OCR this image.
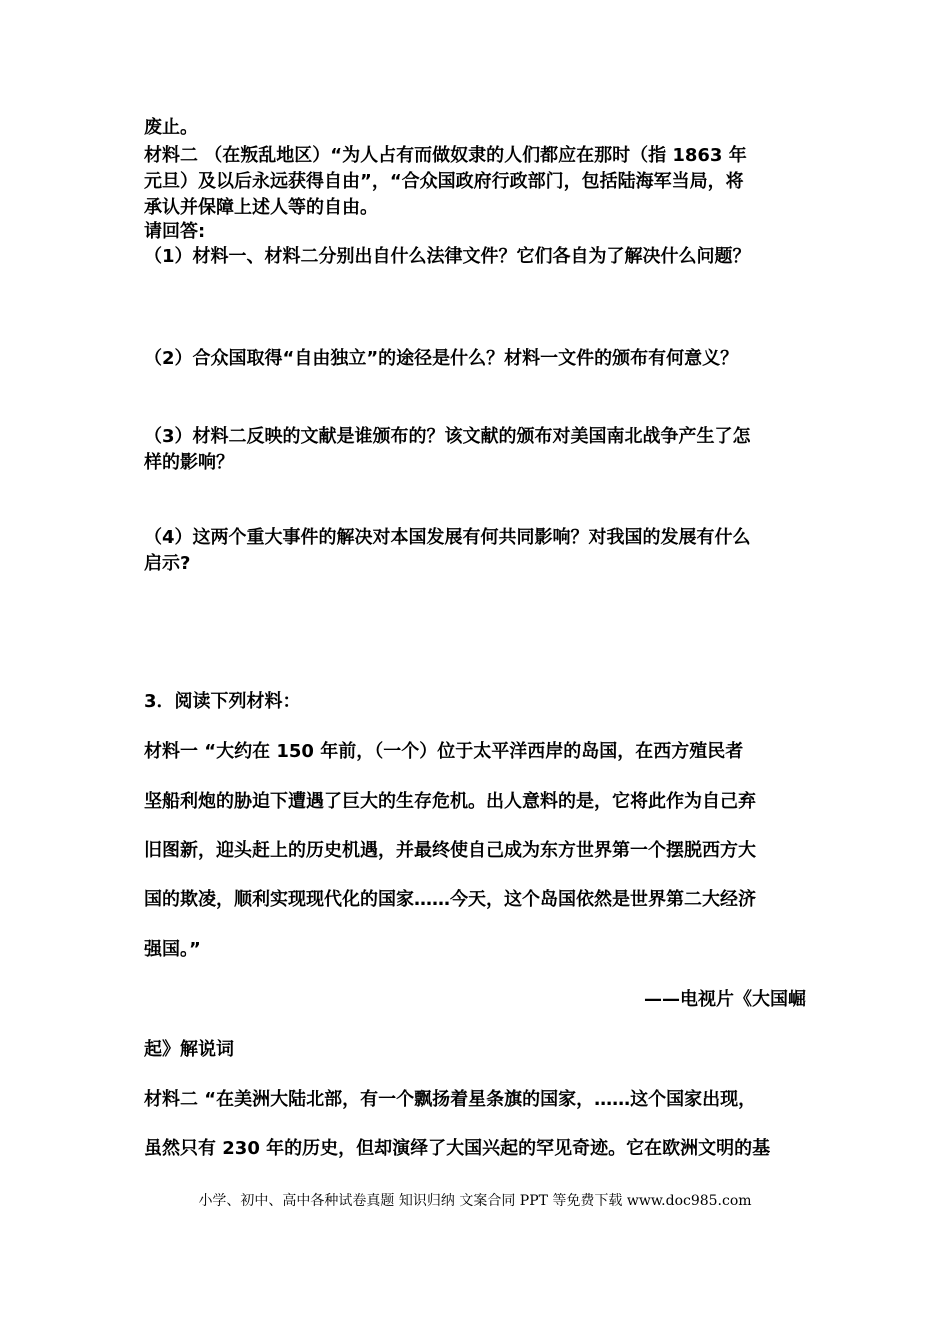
废止。

材料二 （在叛乱地区）“为人占有而做奴隶的人们都应在那时（指 1863 年

元旦）及以后永远获得自由”，“合众国政府行政部门，包括陆海军当局，将

承认并保障上述人等的自由。

请回答:

（1）材料一、材料二分别出自什么法律文件？它们各自为了解决什么问题？

（2）合众国取得“自由独立”的途径是什么？材料一文件的颁布有何意义？

（3）材料二反映的文献是谁颁布的？该文献的颁布对美国南北战争产生了怎

样的影响？

（4）这两个重大事件的解决对本国发展有何共同影响？对我国的发展有什么

启示?

3．阅读下列材料：

材料一 “大约在 150 年前，（一个）位于太平洋西岸的岛国，在西方殖民者

坚船利炮的胁迫下遭遇了巨大的生存危机。出人意料的是，它将此作为自己弃

旧图新，迎头赶上的历史机遇，并最终使自己成为东方世界第一个摆脱西方大

国的欺凌，顺利实现现代化的国家……今天，这个岛国依然是世界第二大经济

强国。”

——电视片《大国崛

起》解说词

材料二 “在美洲大陆北部，有一个飘扬着星条旗的国家，……这个国家出现，

虽然只有 230 年的历史，但却演绎了大国兴起的罕见奇迹。它在欧洲文明的基

小学、初中、高中各种试卷真题 知识归纳 文案合同 PPT 等免费下载 www.doc985.com
